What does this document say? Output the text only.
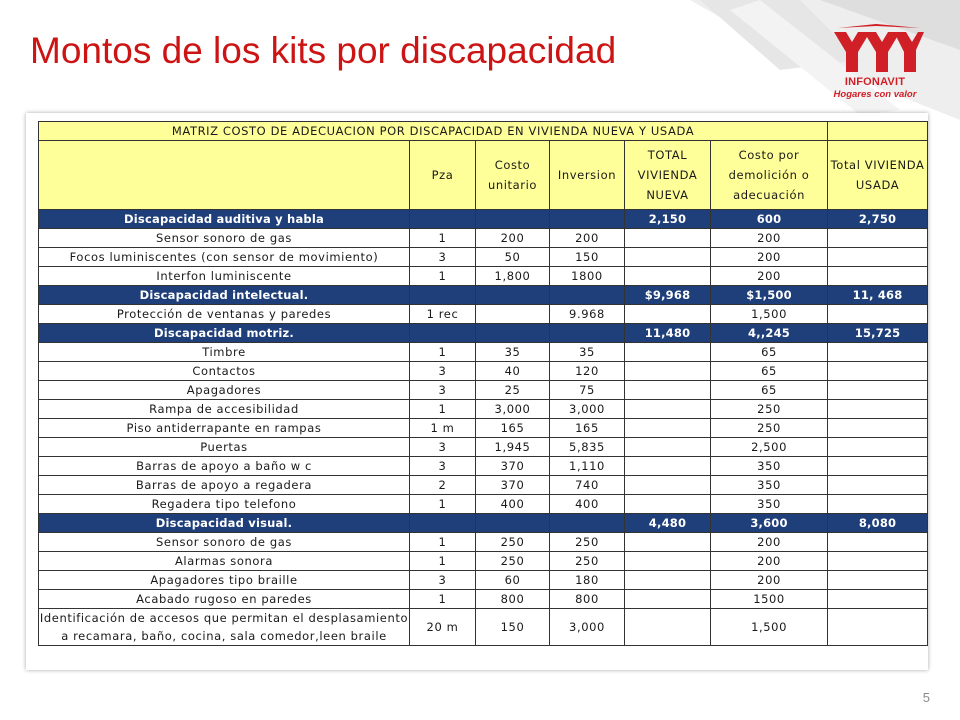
Montos de los kits por discapacidad
INFONAVIT
Hogares con valor
MATRIZ COSTO DE ADECUACION POR DISCAPACIDAD EN VIVIENDA NUEVA Y USADA						
	Pza	Costo unitario	Inversion	TOTAL VIVIENDA NUEVA	Costo por demolición o adecuación	Total VIVIENDA USADA
Discapacidad auditiva y habla				2,150	600	2,750
Sensor sonoro de gas	1	200	200		200	
Focos luminiscentes (con sensor de movimiento)	3	50	150		200	
Interfon luminiscente	1	1,800	1800		200	
Discapacidad intelectual.				$9,968	$1,500	11, 468
Protección de ventanas y paredes	1 rec		9.968		1,500	
Discapacidad motriz.				11,480	4,,245	15,725
Timbre	1	35	35		65	
Contactos	3	40	120		65	
Apagadores	3	25	75		65	
Rampa de accesibilidad	1	3,000	3,000		250	
Piso antiderrapante en rampas	1 m	165	165		250	
Puertas	3	1,945	5,835		2,500	
Barras de apoyo a baño w c	3	370	1,110		350	
Barras de apoyo a regadera	2	370	740		350	
Regadera tipo telefono	1	400	400		350	
Discapacidad visual.				4,480	3,600	8,080
Sensor sonoro de gas	1	250	250		200	
Alarmas sonora	1	250	250		200	
Apagadores tipo braille	3	60	180		200	
Acabado rugoso en paredes	1	800	800		1500	
Identificación de accesos que permitan el desplasamiento a recamara, baño, cocina, sala comedor,leen braile	20 m	150	3,000		1,500	
5
